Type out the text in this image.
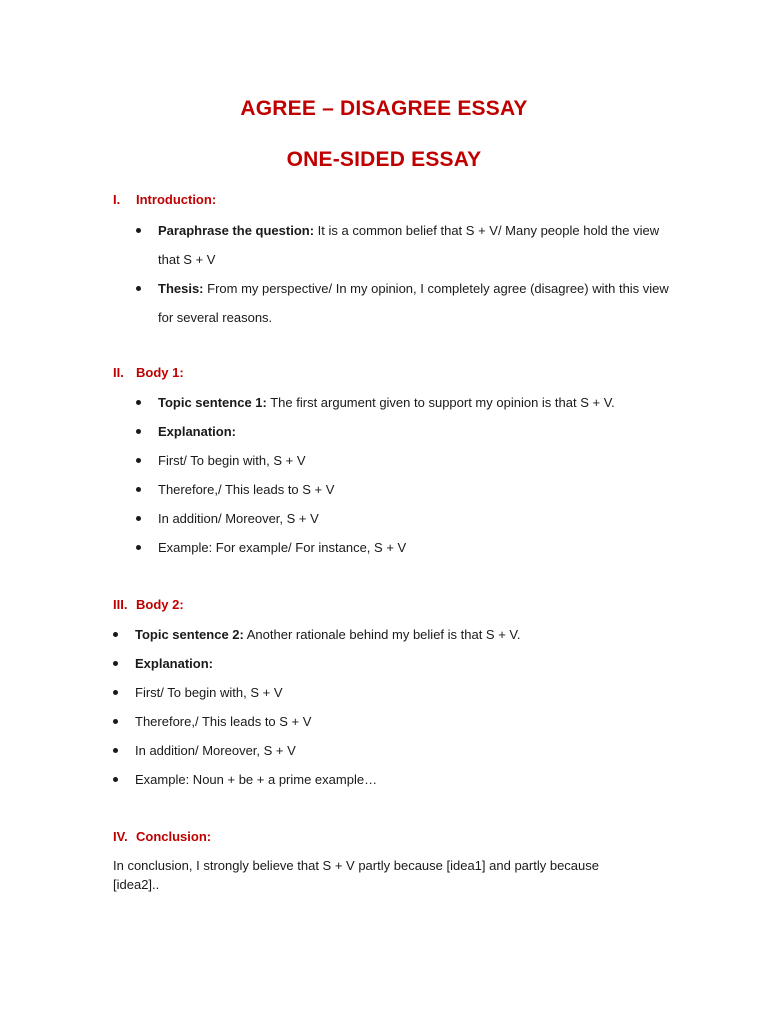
AGREE – DISAGREE ESSAY
ONE-SIDED ESSAY
I. Introduction:
Paraphrase the question: It is a common belief that S + V/ Many people hold the view that S + V
Thesis: From my perspective/ In my opinion, I completely agree (disagree) with this view for several reasons.
II. Body 1:
Topic sentence 1: The first argument given to support my opinion is that S + V.
Explanation:
First/ To begin with, S + V
Therefore,/ This leads to S + V
In addition/ Moreover, S + V
Example: For example/ For instance, S + V
III. Body 2:
Topic sentence 2: Another rationale behind my belief is that S + V.
Explanation:
First/ To begin with, S + V
Therefore,/ This leads to S + V
In addition/ Moreover, S + V
Example: Noun + be + a prime example…
IV. Conclusion:
In conclusion, I strongly believe that S + V partly because [idea1] and partly because [idea2]..
